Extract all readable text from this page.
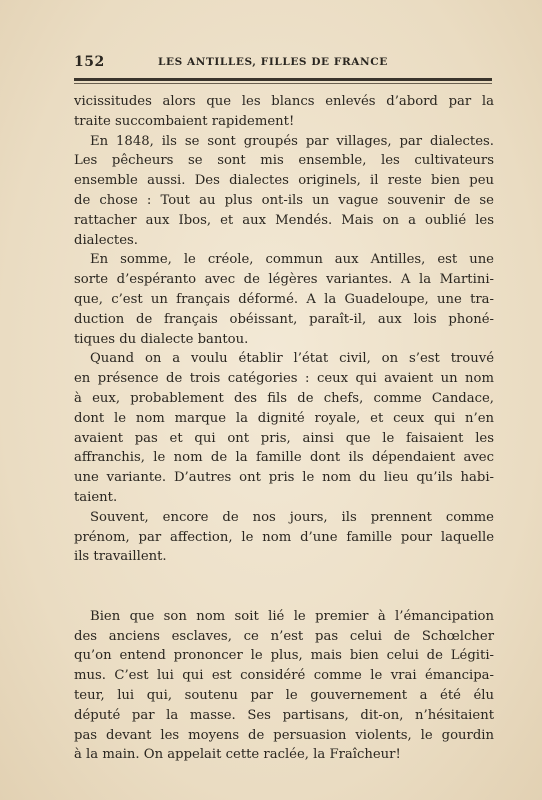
152	LES ANTILLES, FILLES DE FRANCE
vicissitudes alors que les blancs enlevés d’abord par la
traite succombaient rapidement!
En 1848, ils se sont groupés par villages, par dialectes.
Les pêcheurs se sont mis ensemble, les cultivateurs
ensemble aussi. Des dialectes originels, il reste bien peu
de chose : Tout au plus ont-ils un vague souvenir de se
rattacher aux Ibos, et aux Mendés. Mais on a oublié les
dialectes.
En somme, le créole, commun aux Antilles, est une
sorte d’espéranto avec de légères variantes. A la Martini-
que, c’est un français déformé. A la Guadeloupe, une tra-
duction de français obéissant, paraît-il, aux lois phoné-
tiques du dialecte bantou.
Quand on a voulu établir l’état civil, on s’est trouvé
en présence de trois catégories : ceux qui avaient un nom
à eux, probablement des fils de chefs, comme Candace,
dont le nom marque la dignité royale, et ceux qui n’en
avaient pas et qui ont pris, ainsi que le faisaient les
affranchis, le nom de la famille dont ils dépendaient avec
une variante. D’autres ont pris le nom du lieu qu’ils habi-
taient.
Souvent, encore de nos jours, ils prennent comme
prénom, par affection, le nom d’une famille pour laquelle
ils travaillent.
Bien que son nom soit lié le premier à l’émancipation
des anciens esclaves, ce n’est pas celui de Schœlcher
qu’on entend prononcer le plus, mais bien celui de Légiti-
mus. C’est lui qui est considéré comme le vrai émancipa-
teur, lui qui, soutenu par le gouvernement a été élu
député par la masse. Ses partisans, dit-on, n’hésitaient
pas devant les moyens de persuasion violents, le gourdin
à la main. On appelait cette raclée, la Fraîcheur!
